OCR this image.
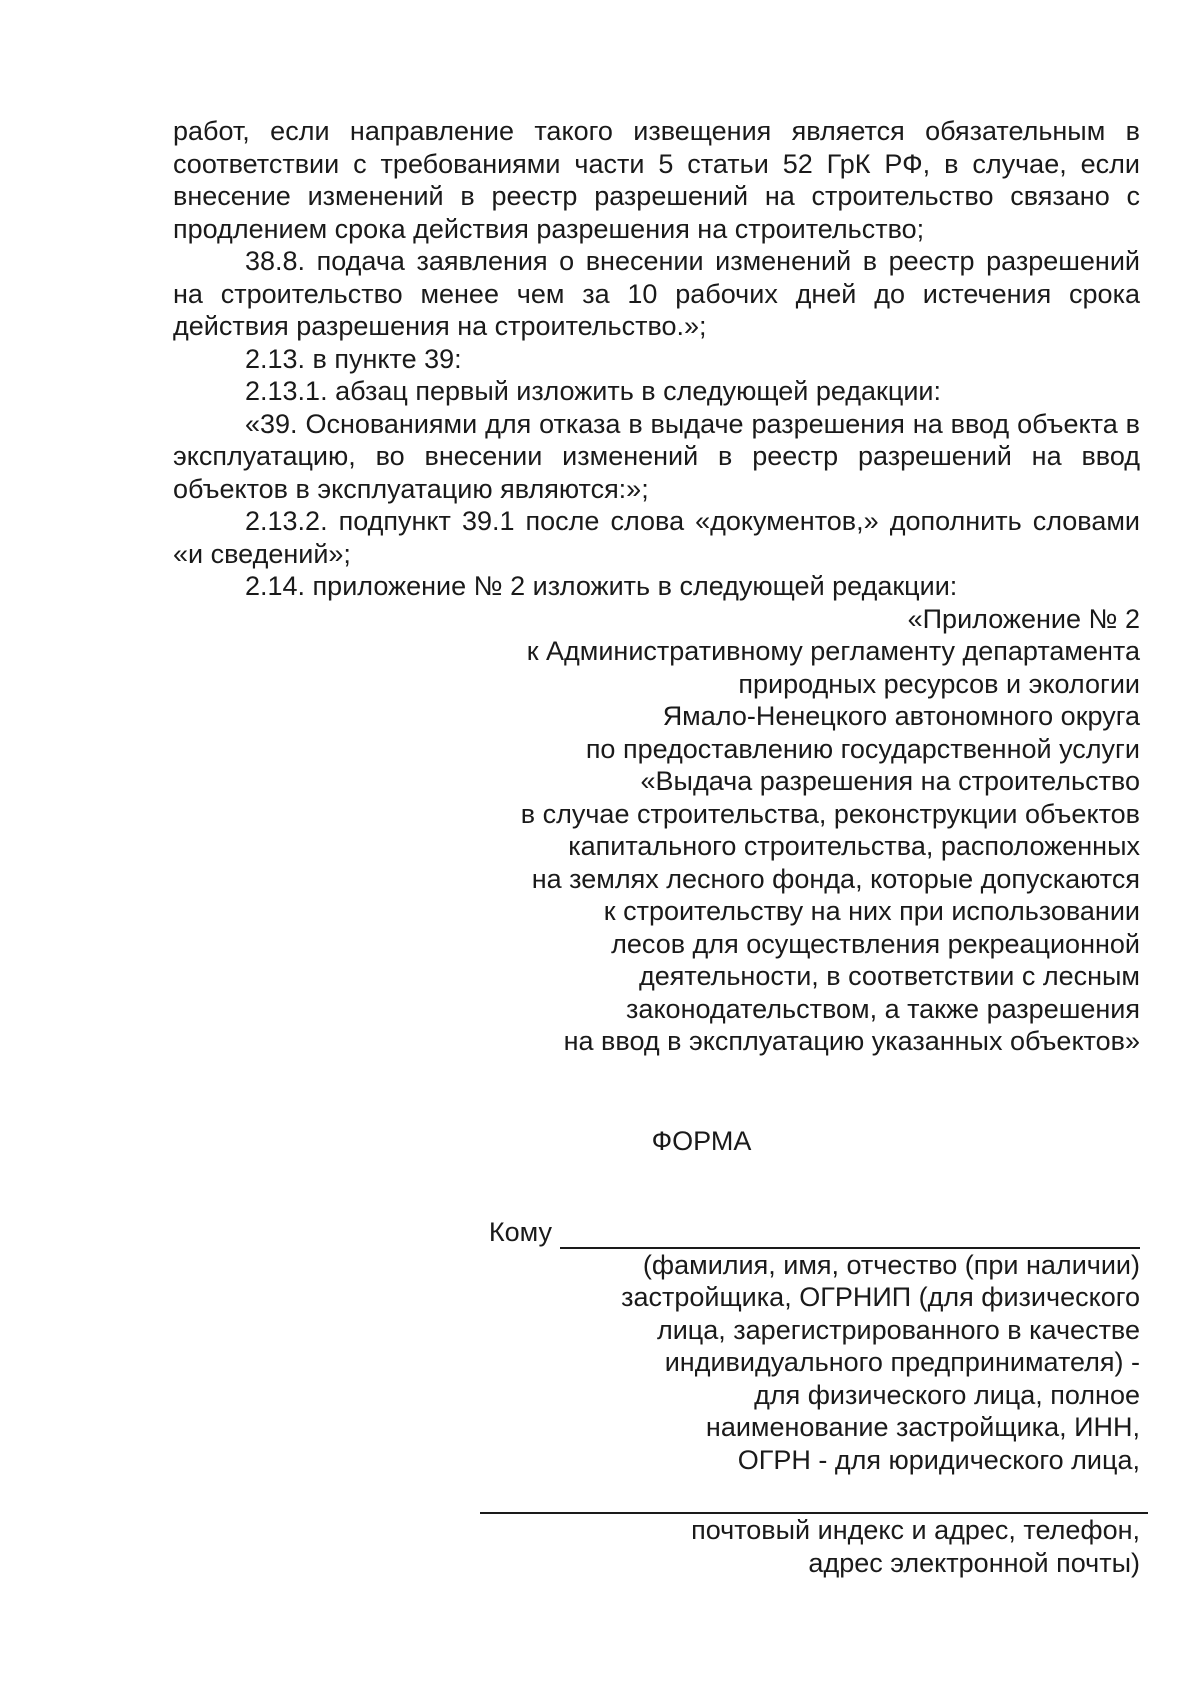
работ, если направление такого извещения является обязательным в соответствии с требованиями части 5 статьи 52 ГрК РФ, в случае, если внесение изменений в реестр разрешений на строительство связано с продлением срока действия разрешения на строительство;

38.8. подача заявления о внесении изменений в реестр разрешений на строительство менее чем за 10 рабочих дней до истечения срока действия разрешения на строительство.»;

2.13. в пункте 39:

2.13.1. абзац первый изложить в следующей редакции:

«39. Основаниями для отказа в выдаче разрешения на ввод объекта в эксплуатацию, во внесении изменений в реестр разрешений на ввод объектов в эксплуатацию являются:»;

2.13.2. подпункт 39.1 после слова «документов,» дополнить словами «и сведений»;

2.14. приложение № 2 изложить в следующей редакции:

«Приложение № 2
к Административному регламенту департамента
природных ресурсов и экологии
Ямало-Ненецкого автономного округа
по предоставлению государственной услуги
«Выдача разрешения на строительство
в случае строительства, реконструкции объектов
капитального строительства, расположенных
на землях лесного фонда, которые допускаются
к строительству на них при использовании
лесов для осуществления рекреационной
деятельности, в соответствии с лесным
законодательством, а также разрешения
на ввод в эксплуатацию указанных объектов»
ФОРМА
Кому
(фамилия, имя, отчество (при наличии)
застройщика, ОГРНИП (для физического
лица, зарегистрированного в качестве
индивидуального предпринимателя) -
для физического лица, полное
наименование застройщика, ИНН,
ОГРН - для юридического лица,
почтовый индекс и адрес, телефон,
адрес электронной почты)
